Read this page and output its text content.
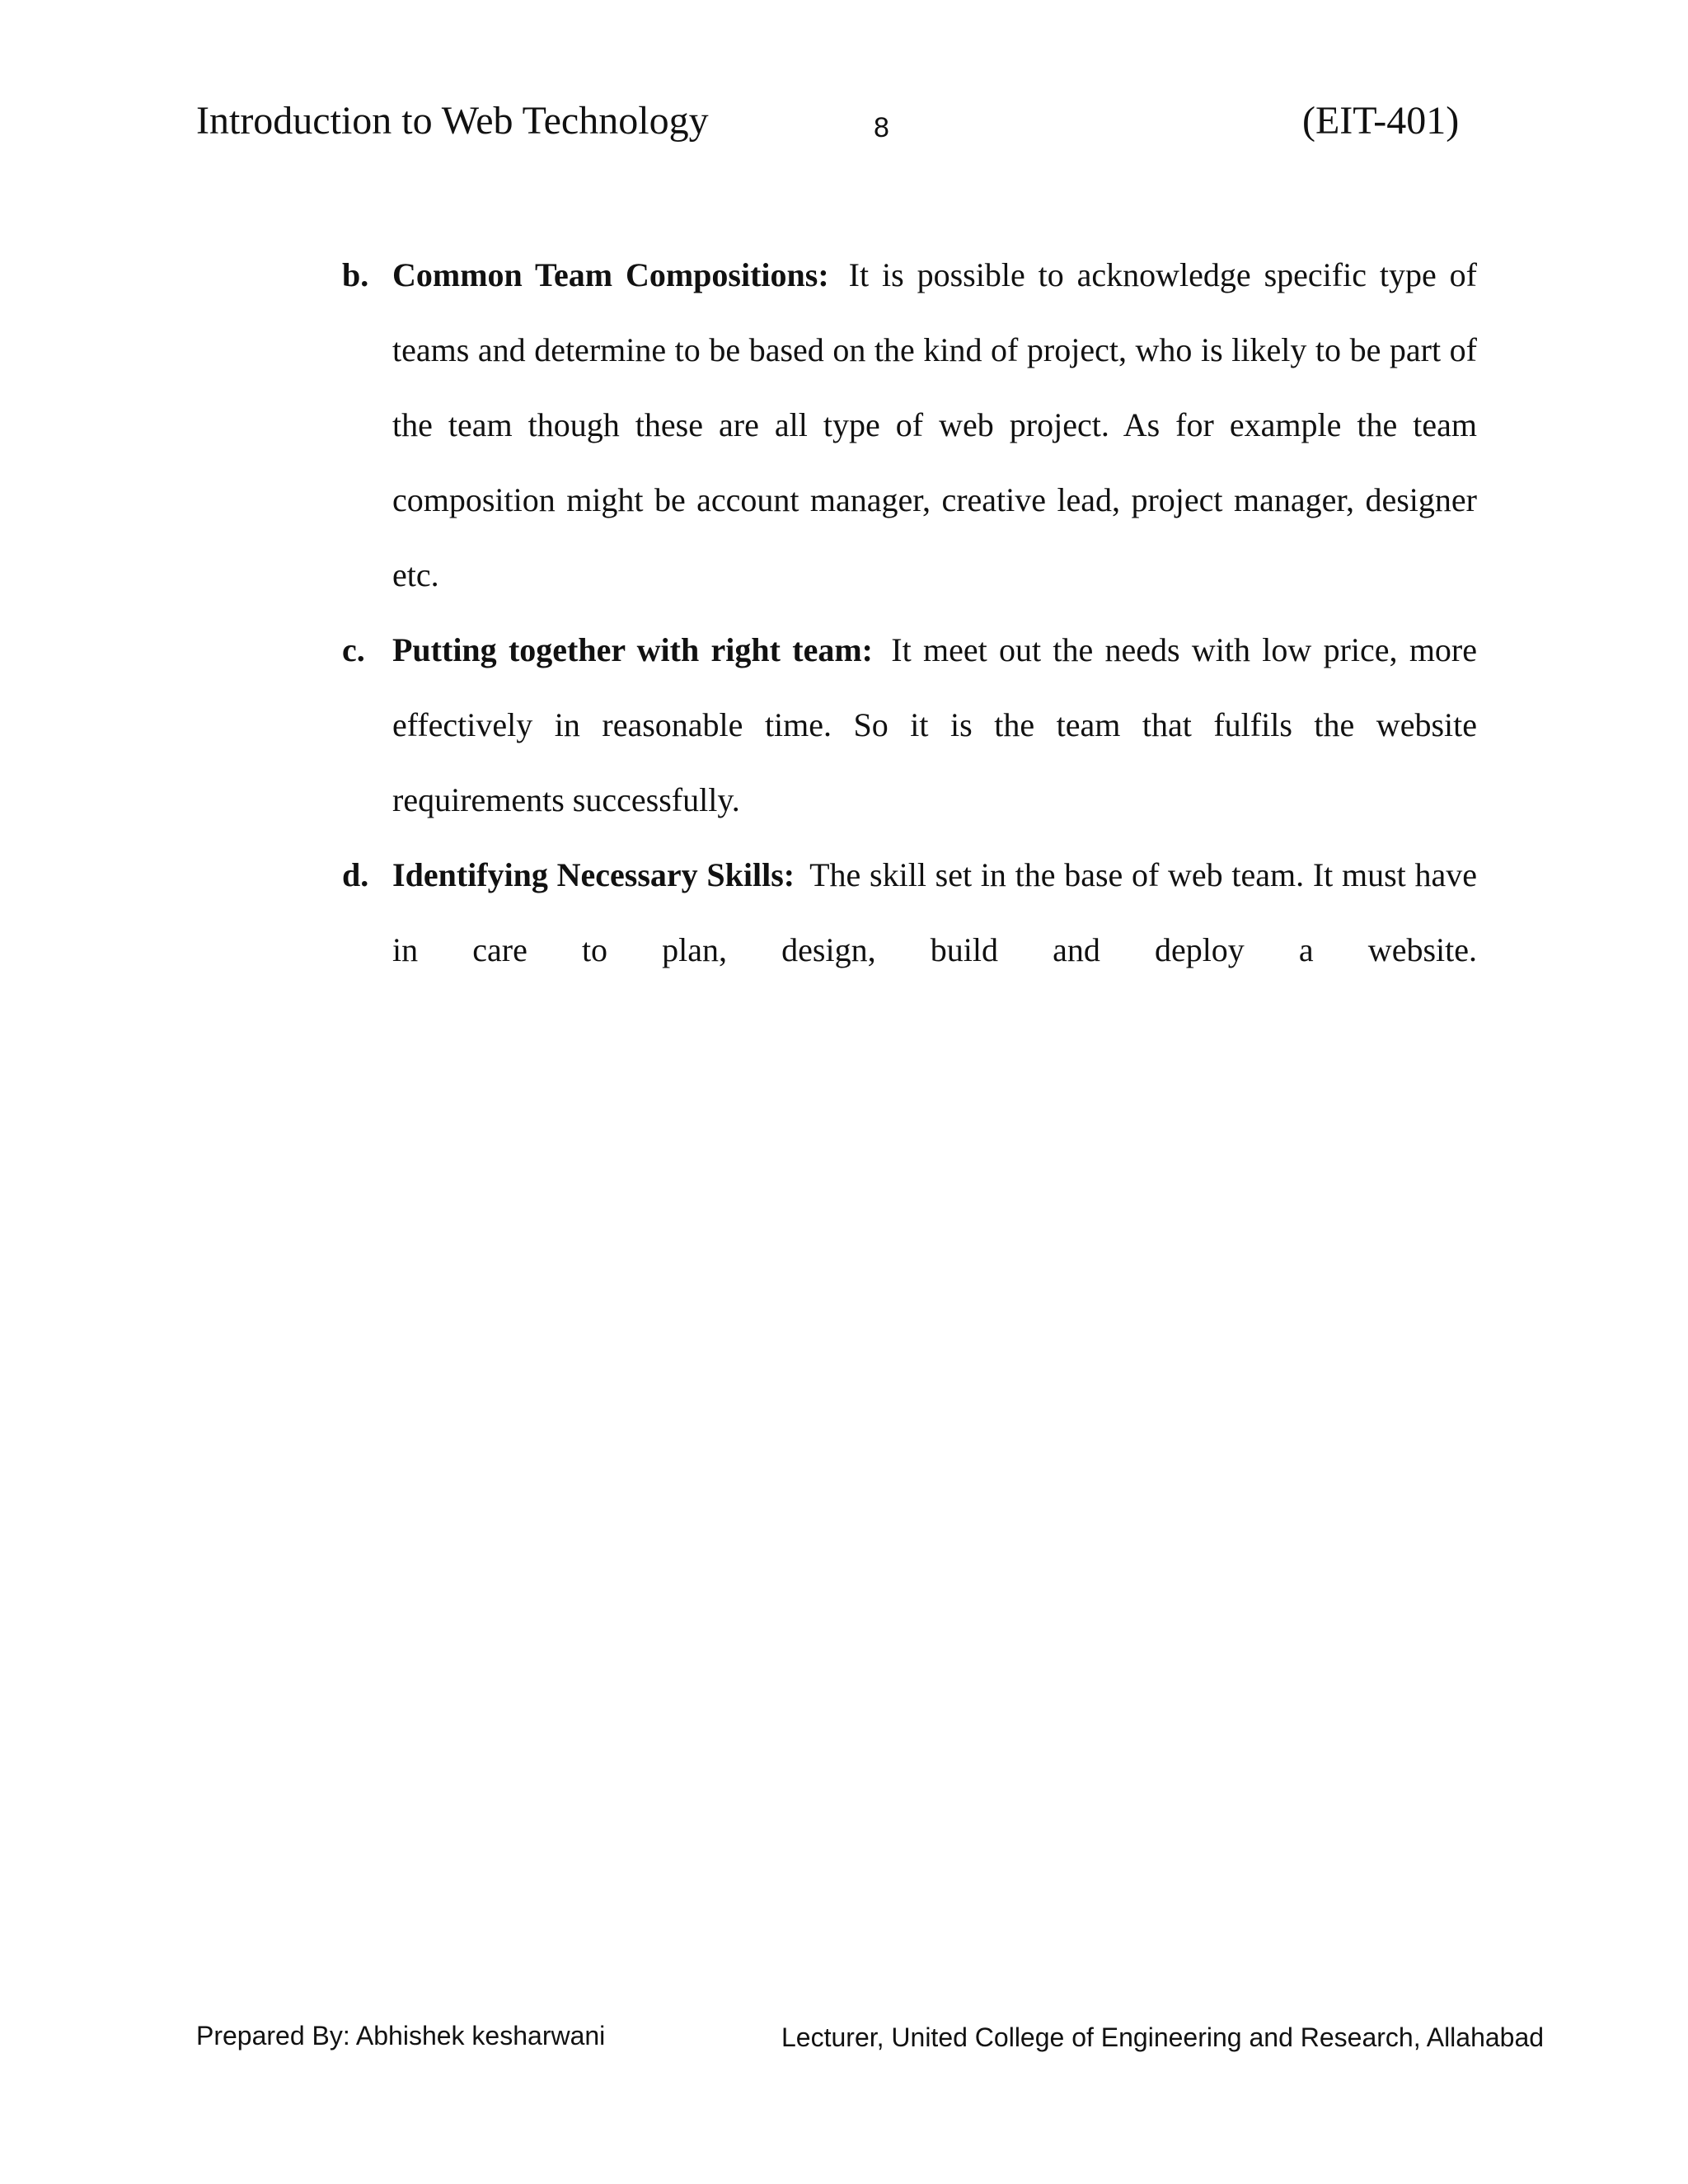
Introduction to Web Technology	8	(EIT-401)
b. Common Team Compositions: It is possible to acknowledge specific type of
teams and determine to be based on the kind of project, who is likely to be part of
the team though these are all type of web project. As for example the team
composition might be account manager, creative lead, project manager, designer
etc.
c. Putting together with right team: It meet out the needs with low price, more
effectively in reasonable time. So it is the team that fulfils the website
requirements successfully.
d. Identifying Necessary Skills: The skill set in the base of web team. It must have
in care to plan, design, build and deploy a website.
Prepared By: Abhishek kesharwani	Lecturer, United College of Engineering and Research, Allahabad
